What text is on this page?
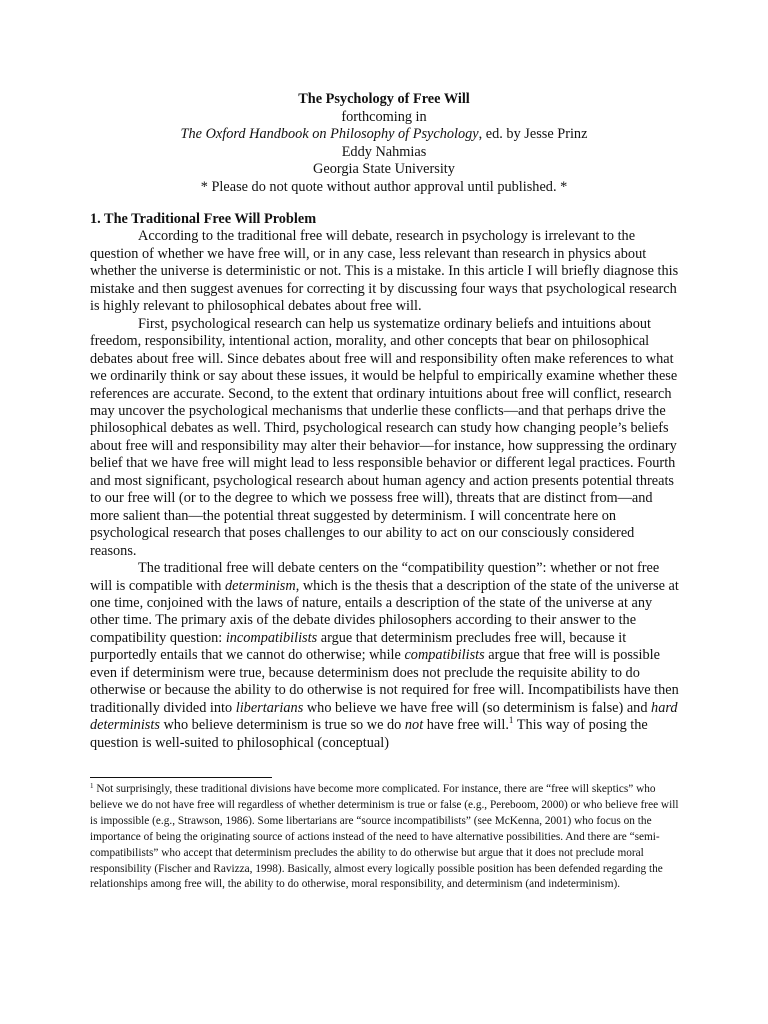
The Psychology of Free Will
forthcoming in
The Oxford Handbook on Philosophy of Psychology, ed. by Jesse Prinz
Eddy Nahmias
Georgia State University
* Please do not quote without author approval until published. *
1. The Traditional Free Will Problem

According to the traditional free will debate, research in psychology is irrelevant to the question of whether we have free will, or in any case, less relevant than research in physics about whether the universe is deterministic or not. This is a mistake. In this article I will briefly diagnose this mistake and then suggest avenues for correcting it by discussing four ways that psychological research is highly relevant to philosophical debates about free will.

First, psychological research can help us systematize ordinary beliefs and intuitions about freedom, responsibility, intentional action, morality, and other concepts that bear on philosophical debates about free will. Since debates about free will and responsibility often make references to what we ordinarily think or say about these issues, it would be helpful to empirically examine whether these references are accurate. Second, to the extent that ordinary intuitions about free will conflict, research may uncover the psychological mechanisms that underlie these conflicts—and that perhaps drive the philosophical debates as well. Third, psychological research can study how changing people’s beliefs about free will and responsibility may alter their behavior—for instance, how suppressing the ordinary belief that we have free will might lead to less responsible behavior or different legal practices. Fourth and most significant, psychological research about human agency and action presents potential threats to our free will (or to the degree to which we possess free will), threats that are distinct from—and more salient than—the potential threat suggested by determinism. I will concentrate here on psychological research that poses challenges to our ability to act on our consciously considered reasons.

The traditional free will debate centers on the “compatibility question”: whether or not free will is compatible with determinism, which is the thesis that a description of the state of the universe at one time, conjoined with the laws of nature, entails a description of the state of the universe at any other time. The primary axis of the debate divides philosophers according to their answer to the compatibility question: incompatibilists argue that determinism precludes free will, because it purportedly entails that we cannot do otherwise; while compatibilists argue that free will is possible even if determinism were true, because determinism does not preclude the requisite ability to do otherwise or because the ability to do otherwise is not required for free will. Incompatibilists have then traditionally divided into libertarians who believe we have free will (so determinism is false) and hard determinists who believe determinism is true so we do not have free will.$^1$ This way of posing the question is well-suited to philosophical (conceptual)

$^1$ Not surprisingly, these traditional divisions have become more complicated. For instance, there are “free will skeptics” who believe we do not have free will regardless of whether determinism is true or false (e.g., Pereboom, 2000) or who believe free will is impossible (e.g., Strawson, 1986). Some libertarians are “source incompatibilists” (see McKenna, 2001) who focus on the importance of being the originating source of actions instead of the need to have alternative possibilities. And there are “semi-compatibilists” who accept that determinism precludes the ability to do otherwise but argue that it does not preclude moral responsibility (Fischer and Ravizza, 1998). Basically, almost every logically possible position has been defended regarding the relationships among free will, the ability to do otherwise, moral responsibility, and determinism (and indeterminism).
